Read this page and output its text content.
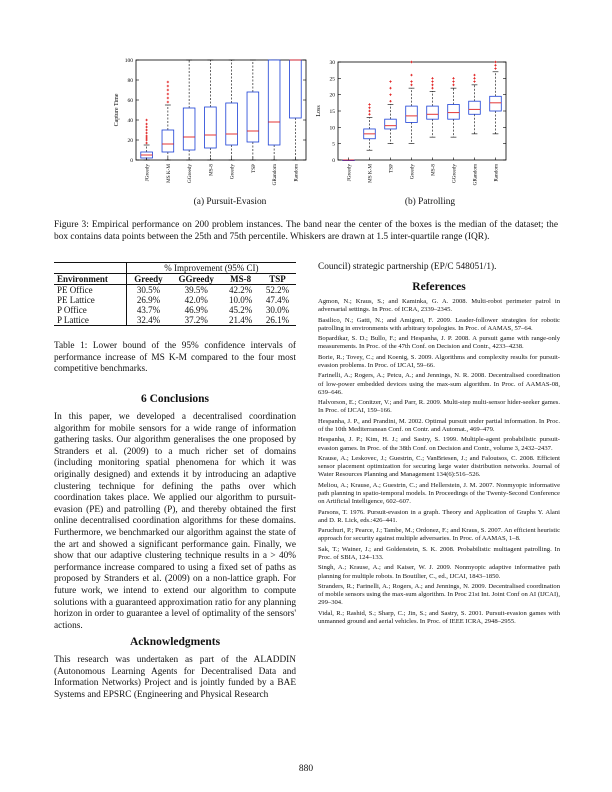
0
20
40
60
80
100
Capture Time
JGreedy	MS K-M	GGreedy	MS-8	Greedy	TSP	GRandom	Random
(a) Pursuit-Evasion
0
5
10
15
20
25
30
Loss
JGreedy	MS K-M	TSP	Greedy	MS-8	GGreedy	GRandom	Random
(b) Patrolling
Figure 3: Empirical performance on 200 problem instances. The band near the center of the boxes is the median of the dataset; the box contains data points between the 25th and 75th percentile. Whiskers are drawn at 1.5 inter-quartile range (IQR).
	% Improvement (95% CI)			
Environment	Greedy	GGreedy	MS-8	TSP
PE Office	30.5%	39.5%	42.2%	52.2%
PE Lattice	26.9%	42.0%	10.0%	47.4%
P Office	43.7%	46.9%	45.2%	30.0%
P Lattice	32.4%	37.2%	21.4%	26.1%
Table 1: Lower bound of the 95% confidence intervals of performance increase of MS K-M compared to the four most competitive benchmarks.
6 Conclusions
In this paper, we developed a decentralised coordination algorithm for mobile sensors for a wide range of information gathering tasks. Our algorithm generalises the one proposed by Stranders et al. (2009) to a much richer set of domains (including monitoring spatial phenomena for which it was originally designed) and extends it by introducing an adaptive clustering technique for defining the paths over which coordination takes place. We applied our algorithm to pursuit-evasion (PE) and patrolling (P), and thereby obtained the first online decentralised coordination algorithms for these domains. Furthermore, we benchmarked our algorithm against the state of the art and showed a significant performance gain. Finally, we show that our adaptive clustering technique results in a > 40% performance increase compared to using a fixed set of paths as proposed by Stranders et al. (2009) on a non-lattice graph. For future work, we intend to extend our algorithm to compute solutions with a guaranteed approximation ratio for any planning horizon in order to guarantee a level of optimality of the sensors' actions.
Acknowledgments
This research was undertaken as part of the ALADDIN (Autonomous Learning Agents for Decentralised Data and Information Networks) Project and is jointly funded by a BAE Systems and EPSRC (Engineering and Physical Research
Council) strategic partnership (EP/C 548051/1).
References

Agmon, N.; Kraus, S.; and Kaminka, G. A. 2008. Multi-robot perimeter patrol in adversarial settings. In Proc. of ICRA, 2339–2345.

Basilico, N.; Gatti, N.; and Amigoni, F. 2009. Leader-follower strategies for robotic patrolling in environments with arbitrary topologies. In Proc. of AAMAS, 57–64.

Bopardikar, S. D.; Bullo, F.; and Hespanha, J. P. 2008. A pursuit game with range-only measurements. In Proc. of the 47th Conf. on Decision and Contr., 4233–4238.

Borie, R.; Tovey, C.; and Koenig, S. 2009. Algorithms and complexity results for pursuit-evasion problems. In Proc. of IJCAI, 59–66.

Farinelli, A.; Rogers, A.; Petcu, A.; and Jennings, N. R. 2008. Decentralised coordination of low-power embedded devices using the max-sum algorithm. In Proc. of AAMAS-08, 639–646.

Halvorson, E.; Conitzer, V.; and Parr, R. 2009. Multi-step multi-sensor hider-seeker games. In Proc. of IJCAI, 159–166.

Hespanha, J. P., and Prandini, M. 2002. Optimal pursuit under partial information. In Proc. of the 10th Mediterranean Conf. on Contr. and Automat., 469–479.

Hespanha, J. P.; Kim, H. J.; and Sastry, S. 1999. Multiple-agent probabilistic pursuit-evasion games. In Proc. of the 38th Conf. on Decision and Contr., volume 3, 2432–2437.

Krause, A.; Leskovec, J.; Guestrin, C.; VanBriesen, J.; and Faloutsos, C. 2008. Efficient sensor placement optimization for securing large water distribution networks. Journal of Water Resources Planning and Management 134(6):516–526.

Meliou, A.; Krause, A.; Guestrin, C.; and Hellerstein, J. M. 2007. Nonmyopic informative path planning in spatio-temporal models. In Proceedings of the Twenty-Second Conference on Artificial Intelligence, 602–607.

Parsons, T. 1976. Pursuit-evasion in a graph. Theory and Application of Graphs Y. Alani and D. R. Lick, eds.:426–441.

Paruchuri, P.; Pearce, J.; Tambe, M.; Ordonez, F.; and Kraus, S. 2007. An efficient heuristic approach for security against multiple adversaries. In Proc. of AAMAS, 1–8.

Sak, T.; Wainer, J.; and Goldenstein, S. K. 2008. Probabilistic multiagent patrolling. In Proc. of SBIA, 124–133.

Singh, A.; Krause, A.; and Kaiser, W. J. 2009. Nonmyopic adaptive informative path planning for multiple robots. In Boutilier, C., ed., IJCAI, 1843–1850.

Stranders, R.; Farinelli, A.; Rogers, A.; and Jennings, N. 2009. Decentralised coordination of mobile sensors using the max-sum algorithm. In Proc 21st Int. Joint Conf on AI (IJCAI), 299–304.

Vidal, R.; Rashid, S.; Sharp, C.; Jin, S.; and Sastry, S. 2001. Pursuit-evasion games with unmanned ground and aerial vehicles. In Proc. of IEEE ICRA, 2948–2955.

880
